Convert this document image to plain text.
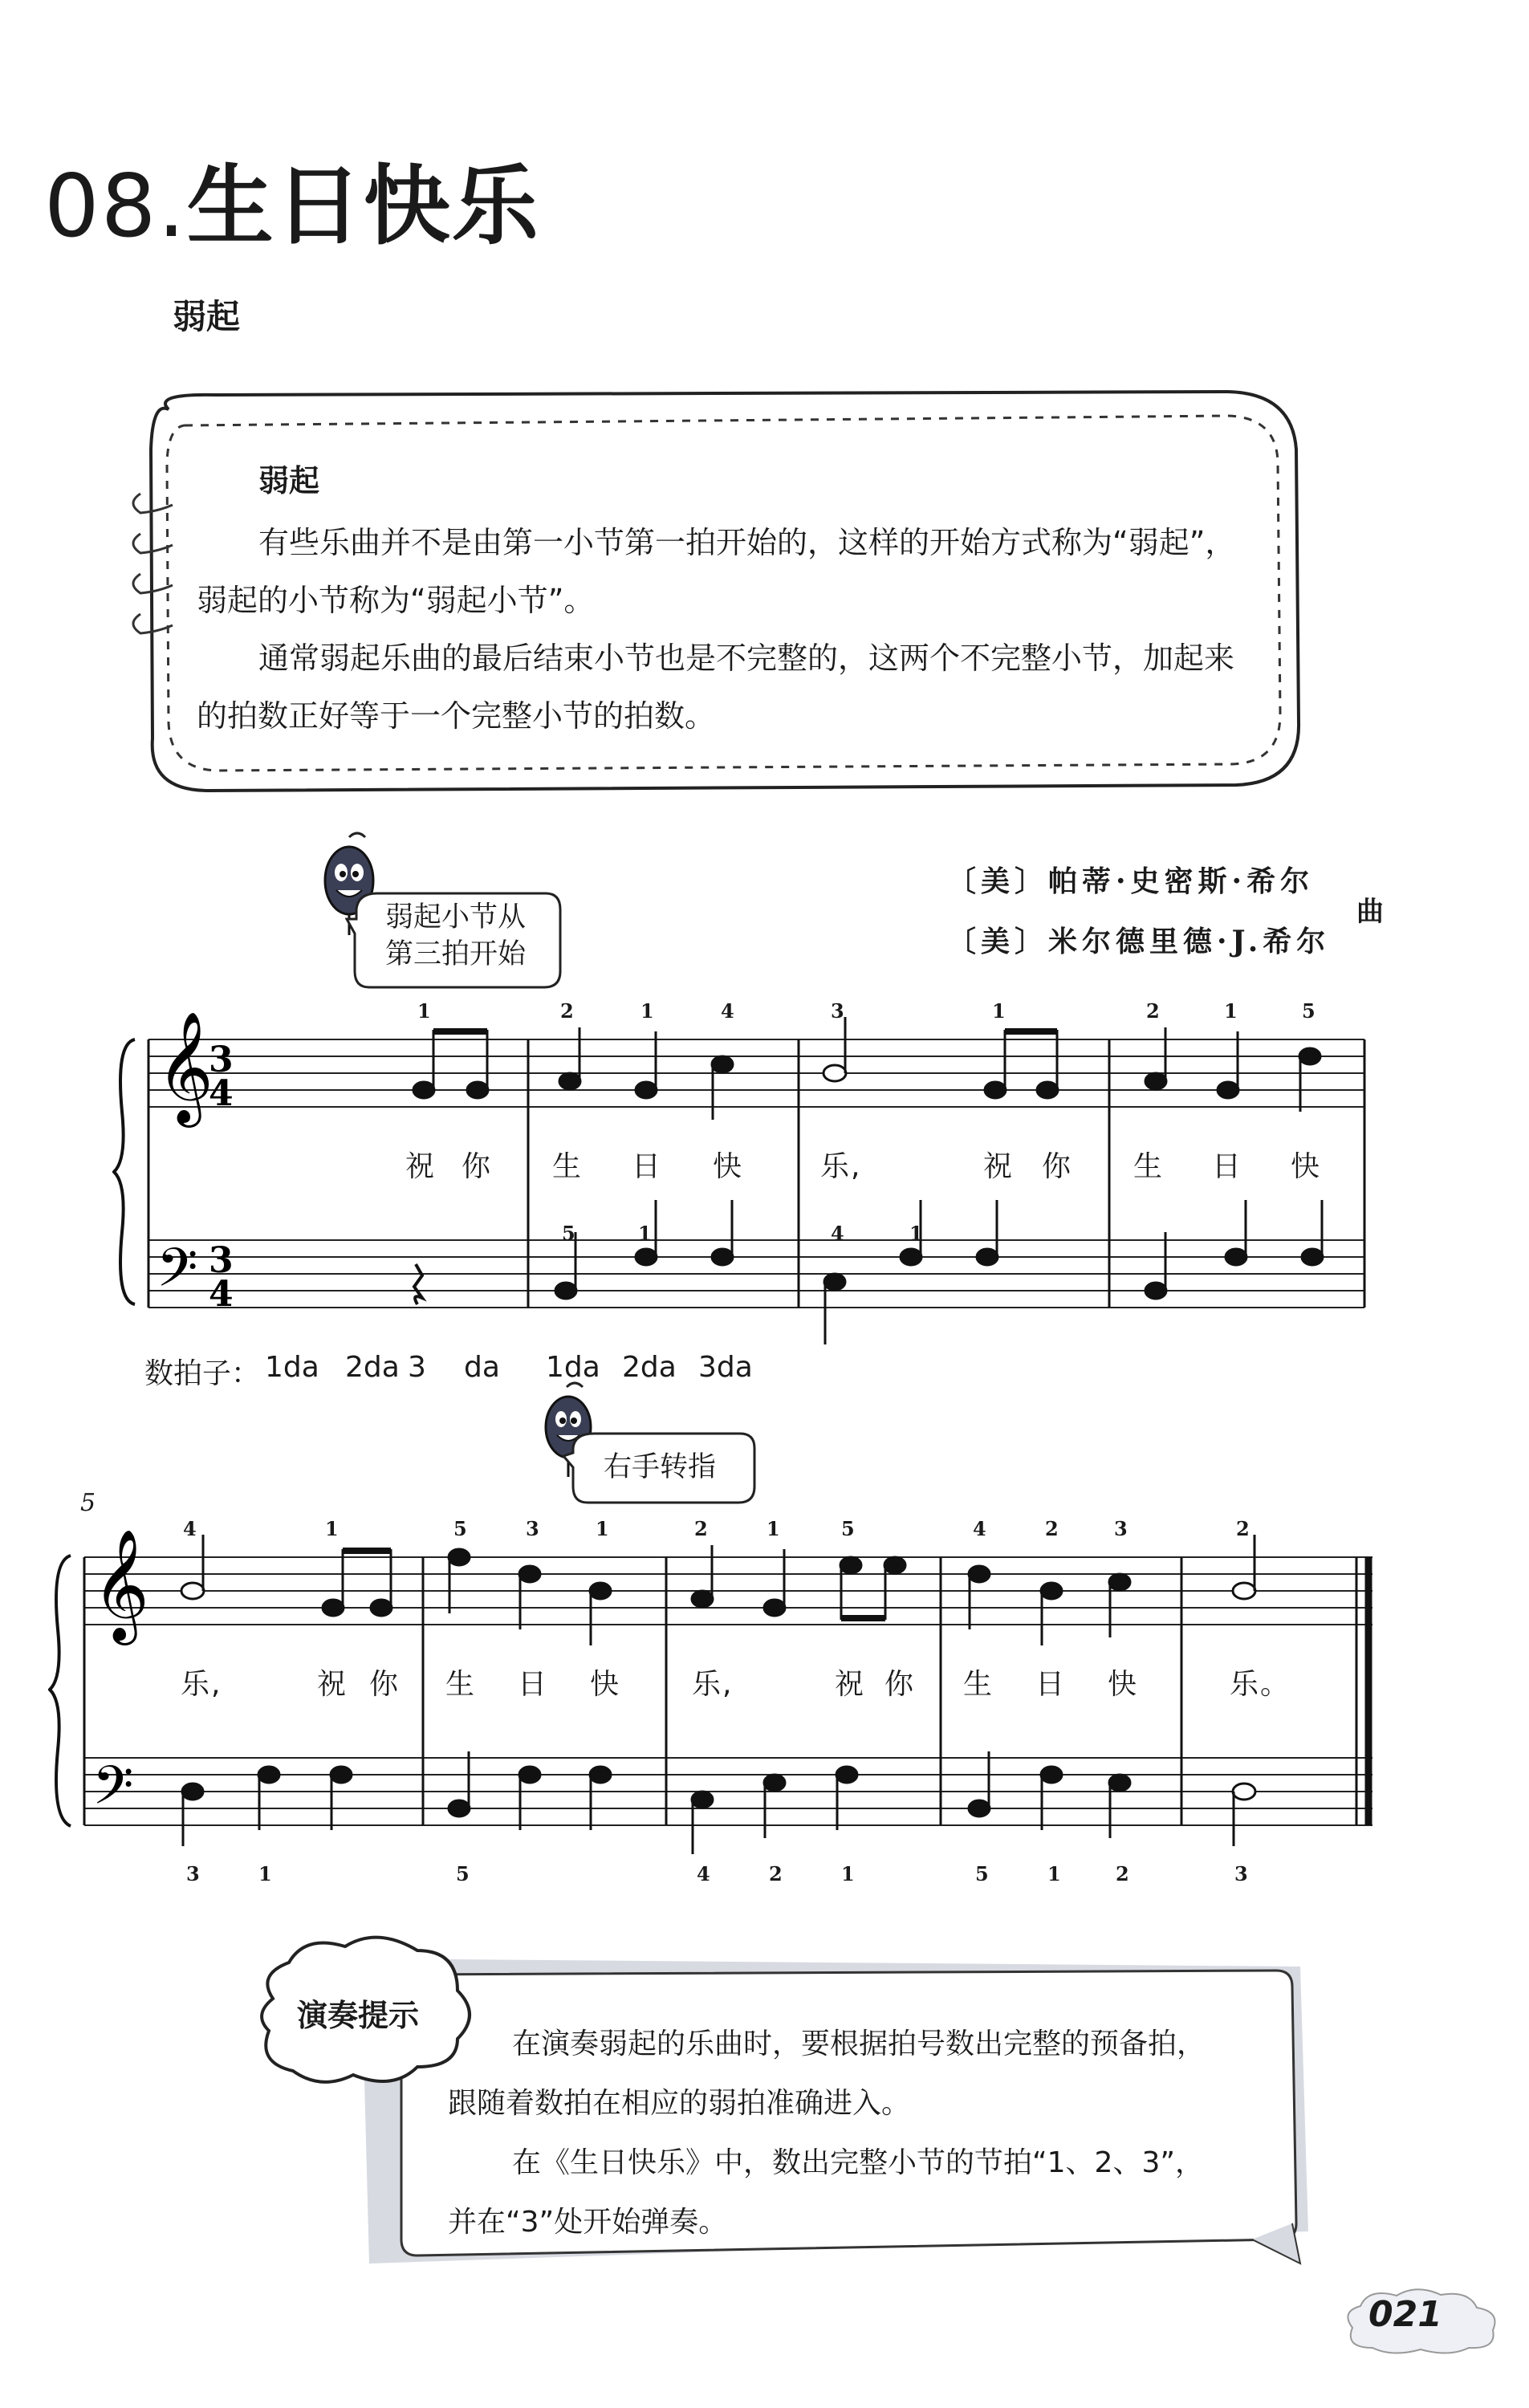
08.生日快乐
弱起
弱起
有些乐曲并不是由第一小节第一拍开始的，这样的开始方式称为“弱起”，
弱起的小节称为“弱起小节”。
通常弱起乐曲的最后结束小节也是不完整的，这两个不完整小节，加起来
的拍数正好等于一个完整小节的拍数。
〔美〕帕蒂·史密斯·希尔
〔美〕米尔德里德·J.希尔
曲
弱起小节从
第三拍开始
𝄞
𝄢
3
4
3
4
1	2	1	4	3	1	2	1	5
5	1	4	1
祝 你 生 日 快	乐,	祝 你 生 日 快
数拍子： 1da 2da 3 da 1da 2da 3da
右手转指
5
𝄞
𝄢
4	1	5	3	1	2	1	5	4	2	3	2
乐,	祝 你 生 日 快 乐,	祝 你 生 日 快	乐。
3	1	5	4	2	1	5	1	2	3
演奏提示
在演奏弱起的乐曲时，要根据拍号数出完整的预备拍，
跟随着数拍在相应的弱拍准确进入。
在《生日快乐》中，数出完整小节的节拍“1、2、3”，
并在“3”处开始弹奏。
021
